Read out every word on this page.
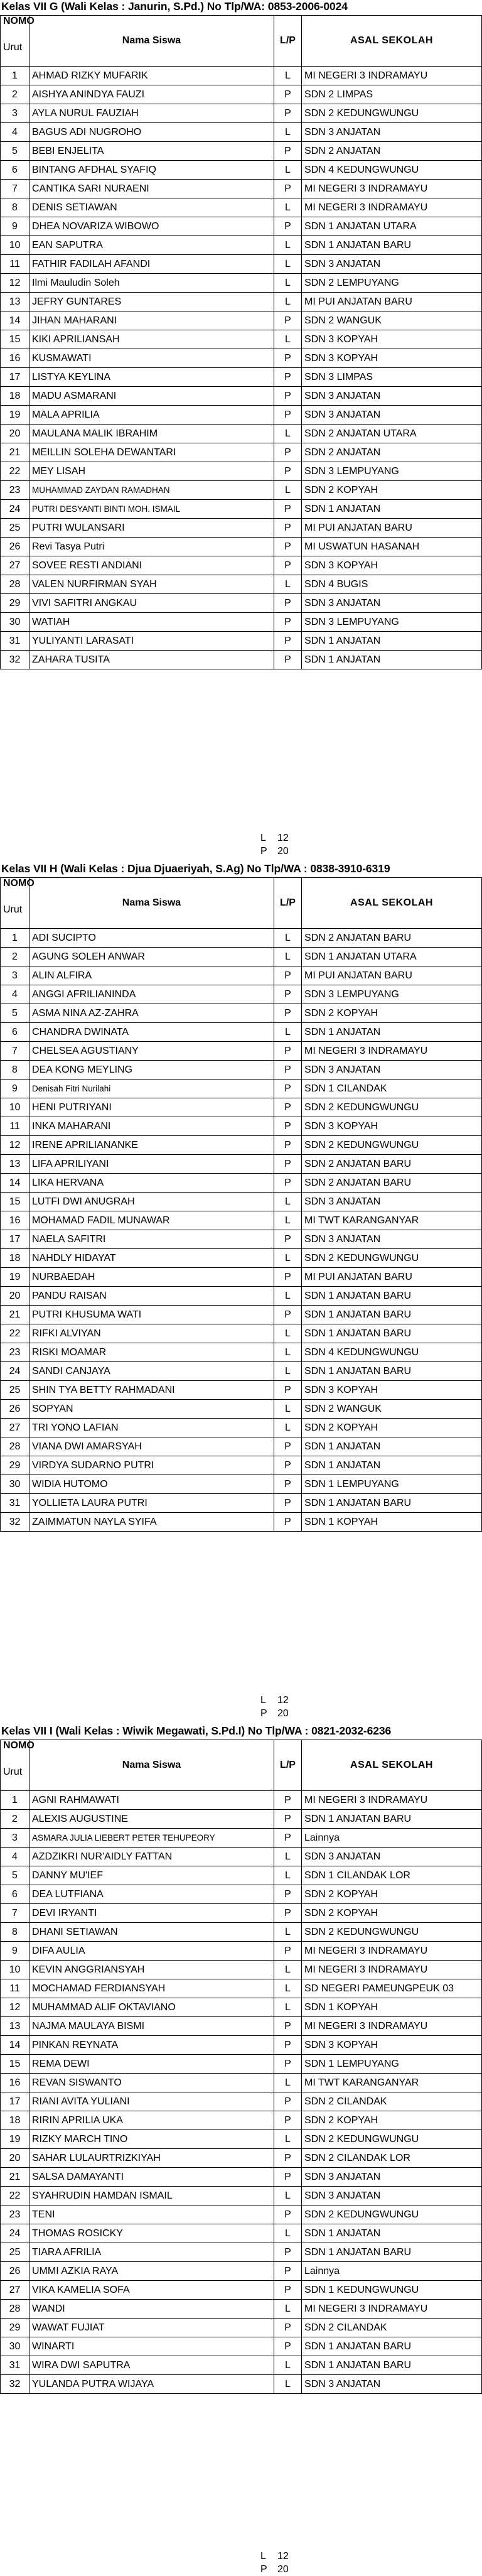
Kelas VII G (Wali Kelas : Janurin, S.Pd.) No Tlp/WA: 0853-2006-0024
NOMO
Urut	Nama Siswa	L/P	ASAL SEKOLAH
1	AHMAD RIZKY MUFARIK	L	MI NEGERI 3 INDRAMAYU
2	AISHYA ANINDYA FAUZI	P	SDN 2 LIMPAS
3	AYLA NURUL FAUZIAH	P	SDN 2 KEDUNGWUNGU
4	BAGUS ADI NUGROHO	L	SDN 3 ANJATAN
5	BEBI ENJELITA	P	SDN 2 ANJATAN
6	BINTANG AFDHAL SYAFIQ	L	SDN 4 KEDUNGWUNGU
7	CANTIKA SARI NURAENI	P	MI NEGERI 3 INDRAMAYU
8	DENIS SETIAWAN	L	MI NEGERI 3 INDRAMAYU
9	DHEA NOVARIZA WIBOWO	P	SDN 1 ANJATAN UTARA
10	EAN SAPUTRA	L	SDN 1 ANJATAN BARU
11	FATHIR FADILAH AFANDI	L	SDN 3 ANJATAN
12	Ilmi Mauludin Soleh	L	SDN 2 LEMPUYANG
13	JEFRY GUNTARES	L	MI PUI ANJATAN BARU
14	JIHAN MAHARANI	P	SDN 2 WANGUK
15	KIKI APRILIANSAH	L	SDN 3 KOPYAH
16	KUSMAWATI	P	SDN 3 KOPYAH
17	LISTYA KEYLINA	P	SDN 3 LIMPAS
18	MADU ASMARANI	P	SDN 3 ANJATAN
19	MALA APRILIA	P	SDN 3 ANJATAN
20	MAULANA MALIK IBRAHIM	L	SDN 2 ANJATAN UTARA
21	MEILLIN SOLEHA DEWANTARI	P	SDN 2 ANJATAN
22	MEY LISAH	P	SDN 3 LEMPUYANG
23	MUHAMMAD ZAYDAN RAMADHAN	L	SDN 2 KOPYAH
24	PUTRI DESYANTI BINTI MOH. ISMAIL	P	SDN 1 ANJATAN
25	PUTRI WULANSARI	P	MI PUI ANJATAN BARU
26	Revi Tasya Putri	P	MI USWATUN HASANAH
27	SOVEE RESTI ANDIANI	P	SDN 3 KOPYAH
28	VALEN NURFIRMAN SYAH	L	SDN 4 BUGIS
29	VIVI SAFITRI ANGKAU	P	SDN 3 ANJATAN
30	WATIAH	P	SDN 3 LEMPUYANG
31	YULIYANTI LARASATI	P	SDN 1 ANJATAN
32	ZAHARA TUSITA	P	SDN 1 ANJATAN
L 12
P 20
Kelas VII H (Wali Kelas : Djua Djuaeriyah, S.Ag) No Tlp/WA : 0838-3910-6319
NOMO
Urut	Nama Siswa	L/P	ASAL SEKOLAH
1	ADI SUCIPTO	L	SDN 2 ANJATAN BARU
2	AGUNG SOLEH ANWAR	L	SDN 1 ANJATAN UTARA
3	ALIN ALFIRA	P	MI PUI ANJATAN BARU
4	ANGGI AFRILIANINDA	P	SDN 3 LEMPUYANG
5	ASMA NINA AZ-ZAHRA	P	SDN 2 KOPYAH
6	CHANDRA DWINATA	L	SDN 1 ANJATAN
7	CHELSEA AGUSTIANY	P	MI NEGERI 3 INDRAMAYU
8	DEA KONG MEYLING	P	SDN 3 ANJATAN
9	Denisah Fitri Nurilahi	P	SDN 1 CILANDAK
10	HENI PUTRIYANI	P	SDN 2 KEDUNGWUNGU
11	INKA MAHARANI	P	SDN 3 KOPYAH
12	IRENE APRILIANANKE	P	SDN 2 KEDUNGWUNGU
13	LIFA APRILIYANI	P	SDN 2 ANJATAN BARU
14	LIKA HERVANA	P	SDN 2 ANJATAN BARU
15	LUTFI DWI ANUGRAH	L	SDN 3 ANJATAN
16	MOHAMAD FADIL MUNAWAR	L	MI TWT KARANGANYAR
17	NAELA SAFITRI	P	SDN 3 ANJATAN
18	NAHDLY HIDAYAT	L	SDN 2 KEDUNGWUNGU
19	NURBAEDAH	P	MI PUI ANJATAN BARU
20	PANDU RAISAN	L	SDN 1 ANJATAN BARU
21	PUTRI KHUSUMA WATI	P	SDN 1 ANJATAN BARU
22	RIFKI ALVIYAN	L	SDN 1 ANJATAN BARU
23	RISKI MOAMAR	L	SDN 4 KEDUNGWUNGU
24	SANDI CANJAYA	L	SDN 1 ANJATAN BARU
25	SHIN TYA BETTY RAHMADANI	P	SDN 3 KOPYAH
26	SOPYAN	L	SDN 2 WANGUK
27	TRI YONO LAFIAN	L	SDN 2 KOPYAH
28	VIANA DWI AMARSYAH	P	SDN 1 ANJATAN
29	VIRDYA SUDARNO PUTRI	P	SDN 1 ANJATAN
30	WIDIA HUTOMO	P	SDN 1 LEMPUYANG
31	YOLLIETA LAURA PUTRI	P	SDN 1 ANJATAN BARU
32	ZAIMMATUN NAYLA SYIFA	P	SDN 1 KOPYAH
L 12
P 20
Kelas VII I (Wali Kelas : Wiwik Megawati, S.Pd.I) No Tlp/WA : 0821-2032-6236
NOMO
Urut	Nama Siswa	L/P	ASAL SEKOLAH
1	AGNI RAHMAWATI	P	MI NEGERI 3 INDRAMAYU
2	ALEXIS AUGUSTINE	P	SDN 1 ANJATAN BARU
3	ASMARA JULIA LIEBERT PETER TEHUPEORY	P	Lainnya
4	AZDZIKRI NUR'AIDLY FATTAN	L	SDN 3 ANJATAN
5	DANNY MU'IEF	L	SDN 1 CILANDAK LOR
6	DEA LUTFIANA	P	SDN 2 KOPYAH
7	DEVI IRYANTI	P	SDN 2 KOPYAH
8	DHANI SETIAWAN	L	SDN 2 KEDUNGWUNGU
9	DIFA AULIA	P	MI NEGERI 3 INDRAMAYU
10	KEVIN ANGGRIANSYAH	L	MI NEGERI 3 INDRAMAYU
11	MOCHAMAD FERDIANSYAH	L	SD NEGERI PAMEUNGPEUK 03
12	MUHAMMAD ALIF OKTAVIANO	L	SDN 1 KOPYAH
13	NAJMA MAULAYA BISMI	P	MI NEGERI 3 INDRAMAYU
14	PINKAN REYNATA	P	SDN 3 KOPYAH
15	REMA DEWI	P	SDN 1 LEMPUYANG
16	REVAN SISWANTO	L	MI TWT KARANGANYAR
17	RIANI AVITA YULIANI	P	SDN 2 CILANDAK
18	RIRIN APRILIA UKA	P	SDN 2 KOPYAH
19	RIZKY MARCH TINO	L	SDN 2 KEDUNGWUNGU
20	SAHAR LULAURTRIZKIYAH	P	SDN 2 CILANDAK LOR
21	SALSA DAMAYANTI	P	SDN 3 ANJATAN
22	SYAHRUDIN HAMDAN ISMAIL	L	SDN 3 ANJATAN
23	TENI	P	SDN 2 KEDUNGWUNGU
24	THOMAS ROSICKY	L	SDN 1 ANJATAN
25	TIARA AFRILIA	P	SDN 1 ANJATAN BARU
26	UMMI AZKIA RAYA	P	Lainnya
27	VIKA KAMELIA SOFA	P	SDN 1 KEDUNGWUNGU
28	WANDI	L	MI NEGERI 3 INDRAMAYU
29	WAWAT FUJIAT	P	SDN 2 CILANDAK
30	WINARTI	P	SDN 1 ANJATAN BARU
31	WIRA DWI SAPUTRA	L	SDN 1 ANJATAN BARU
32	YULANDA PUTRA WIJAYA	L	SDN 3 ANJATAN
L 12
P 20
